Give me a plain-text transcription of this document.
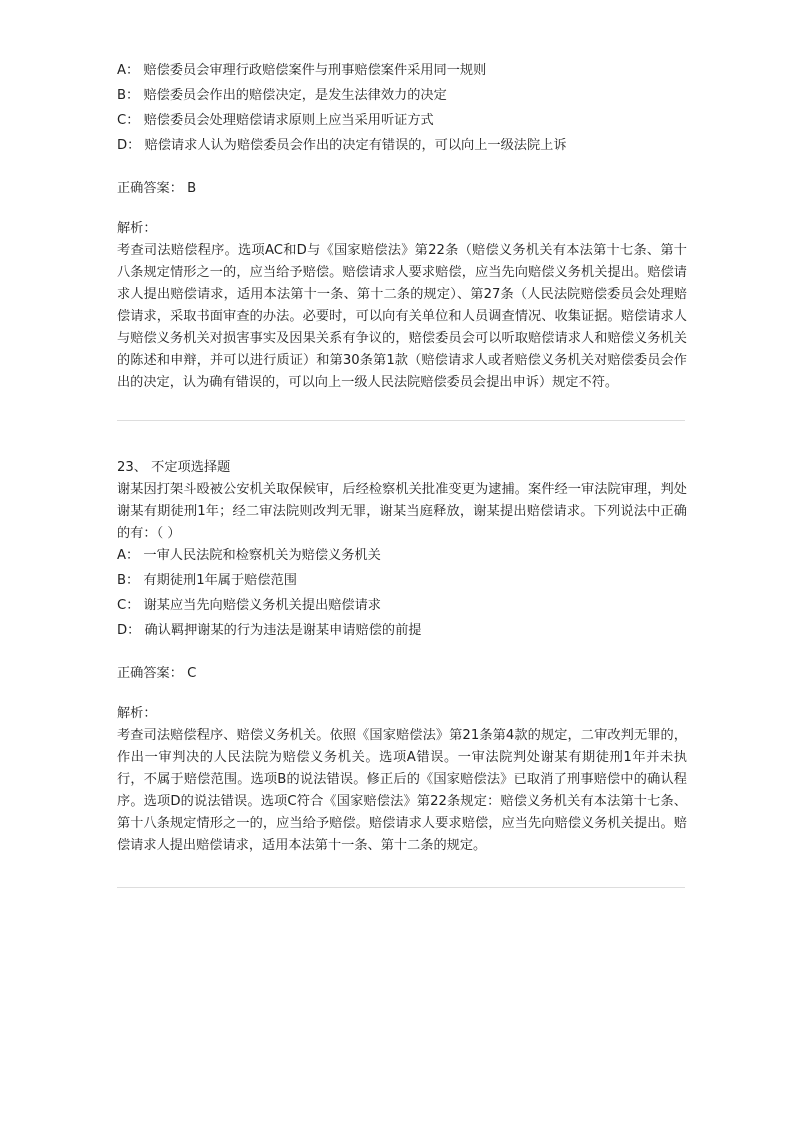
A： 赔偿委员会审理行政赔偿案件与刑事赔偿案件采用同一规则
B： 赔偿委员会作出的赔偿决定，是发生法律效力的决定
C： 赔偿委员会处理赔偿请求原则上应当采用听证方式
D： 赔偿请求人认为赔偿委员会作出的决定有错误的，可以向上一级法院上诉
正确答案： B
解析：
考查司法赔偿程序。选项AC和D与《国家赔偿法》第22条（赔偿义务机关有本法第十七条、第十八条规定情形之一的，应当给予赔偿。赔偿请求人要求赔偿，应当先向赔偿义务机关提出。赔偿请求人提出赔偿请求，适用本法第十一条、第十二条的规定）、第27条（人民法院赔偿委员会处理赔偿请求，采取书面审查的办法。必要时，可以向有关单位和人员调查情况、收集证据。赔偿请求人与赔偿义务机关对损害事实及因果关系有争议的，赔偿委员会可以听取赔偿请求人和赔偿义务机关的陈述和申辩，并可以进行质证）和第30条第1款（赔偿请求人或者赔偿义务机关对赔偿委员会作出的决定，认为确有错误的，可以向上一级人民法院赔偿委员会提出申诉）规定不符。
23、 不定项选择题
谢某因打架斗殴被公安机关取保候审，后经检察机关批准变更为逮捕。案件经一审法院审理，判处谢某有期徒刑1年；经二审法院则改判无罪，谢某当庭释放，谢某提出赔偿请求。下列说法中正确的有：（ ）
A： 一审人民法院和检察机关为赔偿义务机关
B： 有期徒刑1年属于赔偿范围
C： 谢某应当先向赔偿义务机关提出赔偿请求
D： 确认羁押谢某的行为违法是谢某申请赔偿的前提
正确答案： C
解析：
考查司法赔偿程序、赔偿义务机关。依照《国家赔偿法》第21条第4款的规定，二审改判无罪的，作出一审判决的人民法院为赔偿义务机关。选项A错误。一审法院判处谢某有期徒刑1年并未执行，不属于赔偿范围。选项B的说法错误。修正后的《国家赔偿法》已取消了刑事赔偿中的确认程序。选项D的说法错误。选项C符合《国家赔偿法》第22条规定：赔偿义务机关有本法第十七条、第十八条规定情形之一的，应当给予赔偿。赔偿请求人要求赔偿，应当先向赔偿义务机关提出。赔偿请求人提出赔偿请求，适用本法第十一条、第十二条的规定。
